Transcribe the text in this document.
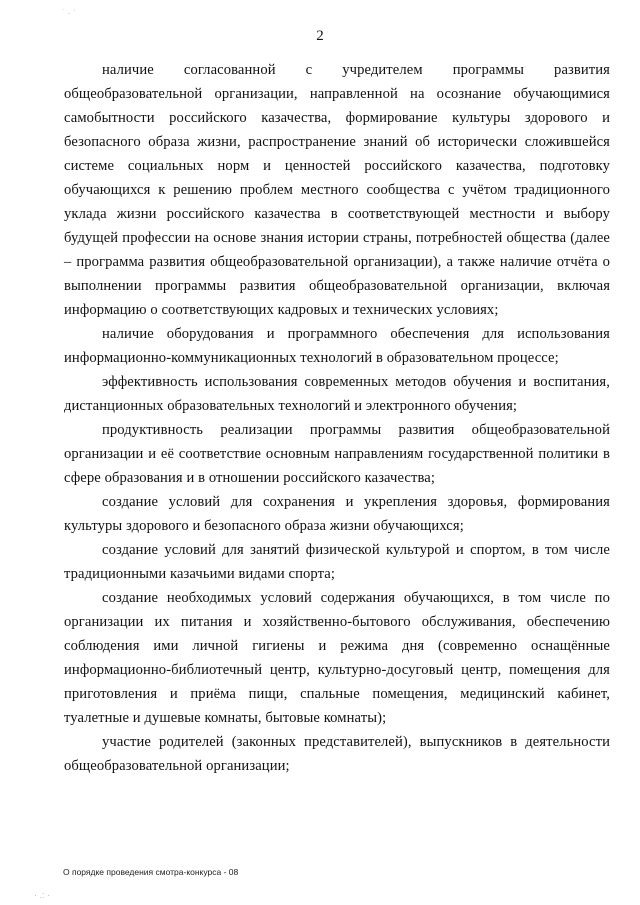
˙ · ˈ
2

наличие согласованной с учредителем программы развития общеобразовательной организации, направленной на осознание обучающимися самобытности российского казачества, формирование культуры здорового и безопасного образа жизни, распространение знаний об исторически сложившейся системе социальных норм и ценностей российского казачества, подготовку обучающихся к решению проблем местного сообщества с учётом традиционного уклада жизни российского казачества в соответствующей местности и выбору будущей профессии на основе знания истории страны, потребностей общества (далее – программа развития общеобразовательной организации), а также наличие отчёта о выполнении программы развития общеобразовательной организации, включая информацию о соответствующих кадровых и технических условиях;

наличие оборудования и программного обеспечения для использования информационно-коммуникационных технологий в образовательном процессе;

эффективность использования современных методов обучения и воспитания, дистанционных образовательных технологий и электронного обучения;

продуктивность реализации программы развития общеобразовательной организации и её соответствие основным направлениям государственной политики в сфере образования и в отношении российского казачества;

создание условий для сохранения и укрепления здоровья, формирования культуры здорового и безопасного образа жизни обучающихся;

создание условий для занятий физической культурой и спортом, в том числе традиционными казачьими видами спорта;

создание необходимых условий содержания обучающихся, в том числе по организации их питания и хозяйственно-бытового обслуживания, обеспечению соблюдения ими личной гигиены и режима дня (современно оснащённые информационно-библиотечный центр, культурно-досуговый центр, помещения для приготовления и приёма пищи, спальные помещения, медицинский кабинет, туалетные и душевые комнаты, бытовые комнаты);

участие родителей (законных представителей), выпускников в деятельности общеобразовательной организации;

О порядке проведения смотра-конкурса - 08
· .: ·
